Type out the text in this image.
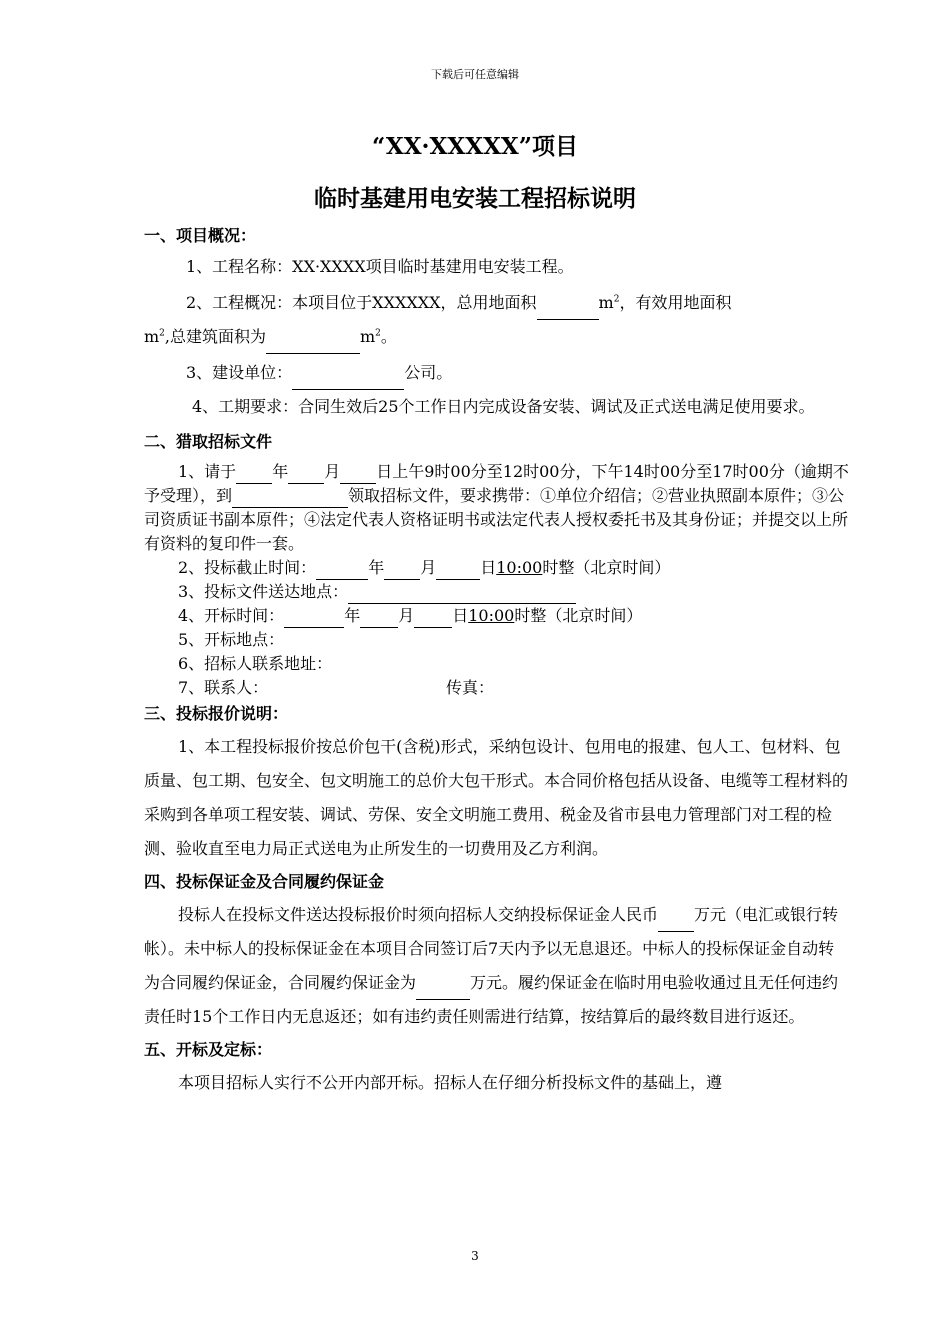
下载后可任意编辑
“XX·XXXXX”项目
临时基建用电安装工程招标说明
一、项目概况：
1、工程名称：XX·XXXX项目临时基建用电安装工程。
2、工程概况：本项目位于XXXXXX，总用地面积	$m^2$，有效用地面积
$m^2$,总建筑面积为	$m^2$。
3、建设单位：	公司。
4、工期要求：合同生效后25个工作日内完成设备安装、调试及正式送电满足使用要求。
二、猎取招标文件
1、请于 年 月 日上午9时00分至12时00分，下午14时00分至17时00分（逾期不予受理），到	领取招标文件，要求携带：①单位介绍信；②营业执照副本原件；③公司资质证书副本原件；④法定代表人资格证明书或法定代表人授权委托书及其身份证；并提交以上所有资料的复印件一套。
2、投标截止时间：	年 月	日10:00时整（北京时间）
3、投标文件送达地点：
4、开标时间：	年 月 日10:00时整（北京时间）
5、开标地点：
6、招标人联系地址：
7、联系人：	传真：
三、投标报价说明：
1、本工程投标报价按总价包干(含税)形式，采纳包设计、包用电的报建、包人工、包材料、包质量、包工期、包安全、包文明施工的总价大包干形式。本合同价格包括从设备、电缆等工程材料的采购到各单项工程安装、调试、劳保、安全文明施工费用、税金及省市县电力管理部门对工程的检测、验收直至电力局正式送电为止所发生的一切费用及乙方利润。
四、投标保证金及合同履约保证金
投标人在投标文件送达投标报价时须向招标人交纳投标保证金人民币 万元（电汇或银行转帐）。未中标人的投标保证金在本项目合同签订后7天内予以无息退还。中标人的投标保证金自动转为合同履约保证金，合同履约保证金为	万元。履约保证金在临时用电验收通过且无任何违约责任时15个工作日内无息返还；如有违约责任则需进行结算，按结算后的最终数目进行返还。
五、开标及定标：
本项目招标人实行不公开内部开标。招标人在仔细分析投标文件的基础上，遵
3
